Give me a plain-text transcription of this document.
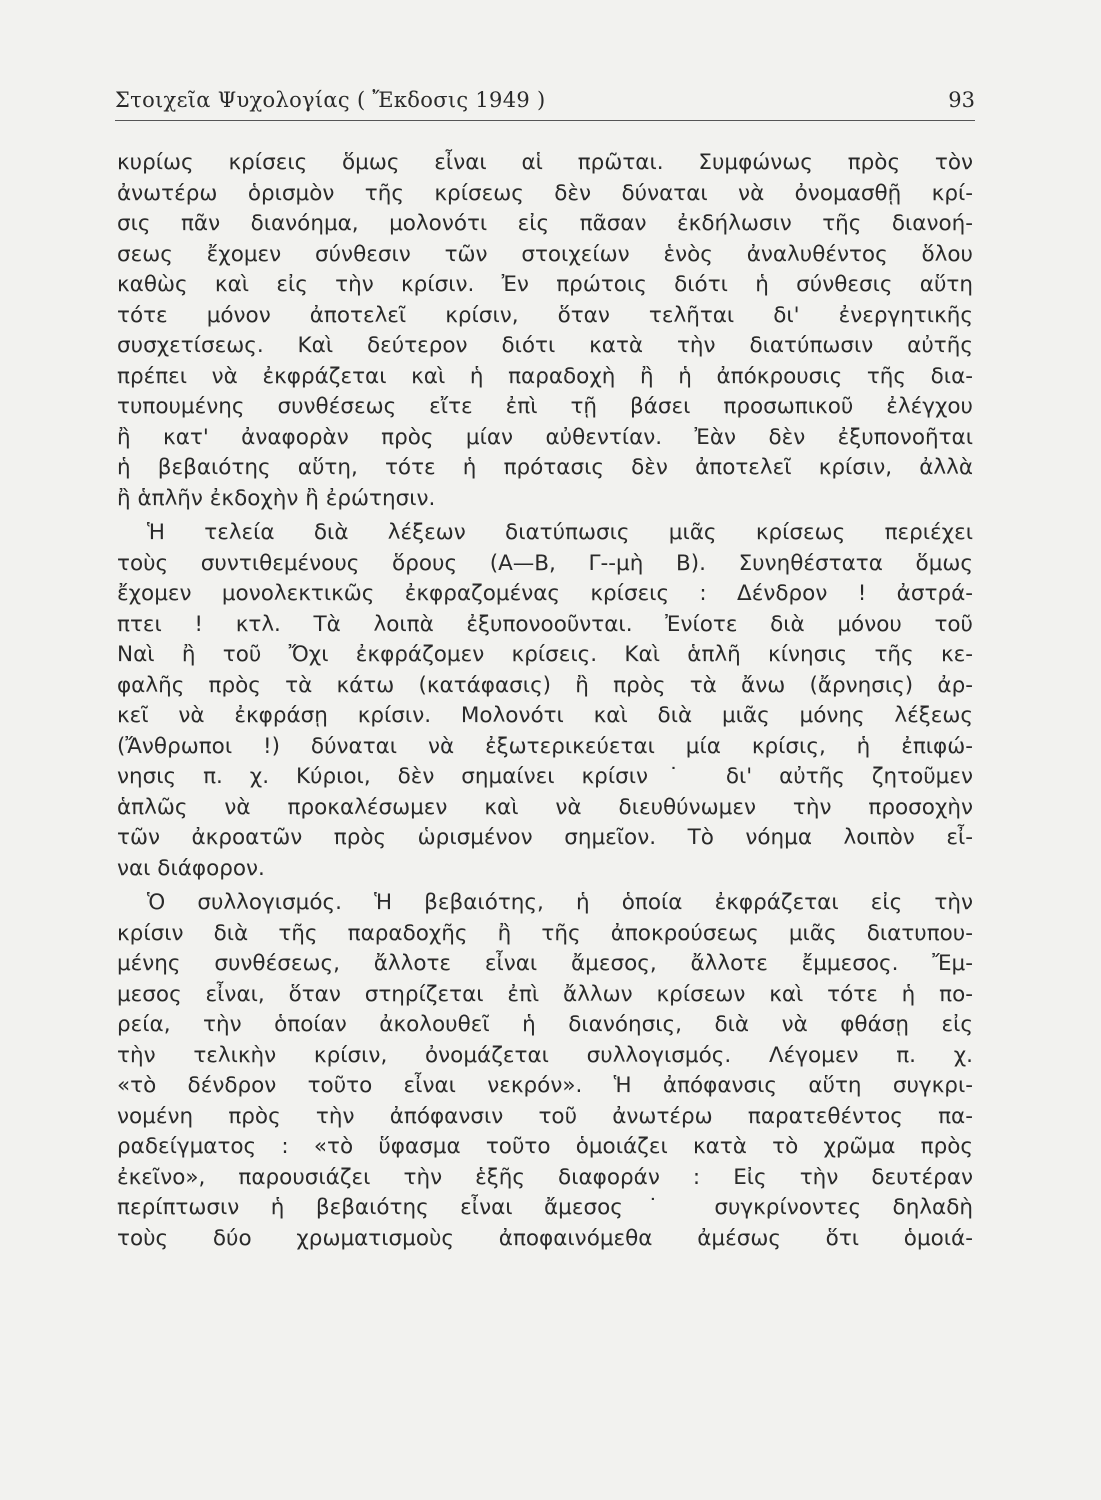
Στοιχεῖα Ψυχολογίας ( Ἔκδοσις 1949 )	93
κυρίως κρίσεις ὅμως εἶναι αἱ πρῶται. Συμφώνως πρὸς τὸν
ἀνωτέρω ὁρισμὸν τῆς κρίσεως δὲν δύναται νὰ ὀνομασθῇ κρί-
σις πᾶν διανόημα, μολονότι εἰς πᾶσαν ἐκδήλωσιν τῆς διανοή-
σεως ἔχομεν σύνθεσιν τῶν στοιχείων ἑνὸς ἀναλυθέντος ὅλου
καθὼς καὶ εἰς τὴν κρίσιν. Ἐν πρώτοις διότι ἡ σύνθεσις αὕτη
τότε μόνον ἀποτελεῖ κρίσιν, ὅταν τελῆται δι' ἐνεργητικῆς
συσχετίσεως. Καὶ δεύτερον διότι κατὰ τὴν διατύπωσιν αὐτῆς
πρέπει νὰ ἐκφράζεται καὶ ἡ παραδοχὴ ἢ ἡ ἀπόκρουσις τῆς δια-
τυπουμένης συνθέσεως εἴτε ἐπὶ τῇ βάσει προσωπικοῦ ἐλέγχου
ἢ κατ' ἀναφορὰν πρὸς μίαν αὐθεντίαν. Ἐὰν δὲν ἐξυπονοῆται
ἡ βεβαιότης αὕτη, τότε ἡ πρότασις δὲν ἀποτελεῖ κρίσιν, ἀλλὰ
ἢ ἁπλῆν ἐκδοχὴν ἢ ἐρώτησιν.
Ἡ τελεία διὰ λέξεων διατύπωσις μιᾶς κρίσεως περιέχει
τοὺς συντιθεμένους ὅρους (Α—Β, Γ--μὴ Β). Συνηθέστατα ὅμως
ἔχομεν μονολεκτικῶς ἐκφραζομένας κρίσεις : Δένδρον ! ἀστρά-
πτει ! κτλ. Τὰ λοιπὰ ἐξυπονοοῦνται. Ἐνίοτε διὰ μόνου τοῦ
Ναὶ ἢ τοῦ Ὄχι ἐκφράζομεν κρίσεις. Καὶ ἁπλῆ κίνησις τῆς κε-
φαλῆς πρὸς τὰ κάτω (κατάφασις) ἢ πρὸς τὰ ἄνω (ἄρνησις) ἀρ-
κεῖ νὰ ἐκφράσῃ κρίσιν. Μολονότι καὶ διὰ μιᾶς μόνης λέξεως
(Ἄνθρωποι !) δύναται νὰ ἐξωτερικεύεται μία κρίσις, ἡ ἐπιφώ-
νησις π. χ. Κύριοι, δὲν σημαίνει κρίσιν˙ δι' αὐτῆς ζητοῦμεν
ἁπλῶς νὰ προκαλέσωμεν καὶ νὰ διευθύνωμεν τὴν προσοχὴν
τῶν ἀκροατῶν πρὸς ὡρισμένον σημεῖον. Τὸ νόημα λοιπὸν εἶ-
ναι διάφορον.
Ὁ συλλογισμός. Ἡ βεβαιότης, ἡ ὁποία ἐκφράζεται εἰς τὴν
κρίσιν διὰ τῆς παραδοχῆς ἢ τῆς ἀποκρούσεως μιᾶς διατυπου-
μένης συνθέσεως, ἄλλοτε εἶναι ἄμεσος, ἄλλοτε ἔμμεσος. Ἔμ-
μεσος εἶναι, ὅταν στηρίζεται ἐπὶ ἄλλων κρίσεων καὶ τότε ἡ πο-
ρεία, τὴν ὁποίαν ἀκολουθεῖ ἡ διανόησις, διὰ νὰ φθάσῃ εἰς
τὴν τελικὴν κρίσιν, ὀνομάζεται συλλογισμός. Λέγομεν π. χ.
«τὸ δένδρον τοῦτο εἶναι νεκρόν». Ἡ ἀπόφανσις αὕτη συγκρι-
νομένη πρὸς τὴν ἀπόφανσιν τοῦ ἀνωτέρω παρατεθέντος πα-
ραδείγματος : «τὸ ὕφασμα τοῦτο ὁμοιάζει κατὰ τὸ χρῶμα πρὸς
ἐκεῖνο», παρουσιάζει τὴν ἑξῆς διαφοράν : Εἰς τὴν δευτέραν
περίπτωσιν ἡ βεβαιότης εἶναι ἄμεσος˙ συγκρίνοντες δηλαδὴ
τοὺς δύο χρωματισμοὺς ἀποφαινόμεθα ἀμέσως ὅτι ὁμοιά-
